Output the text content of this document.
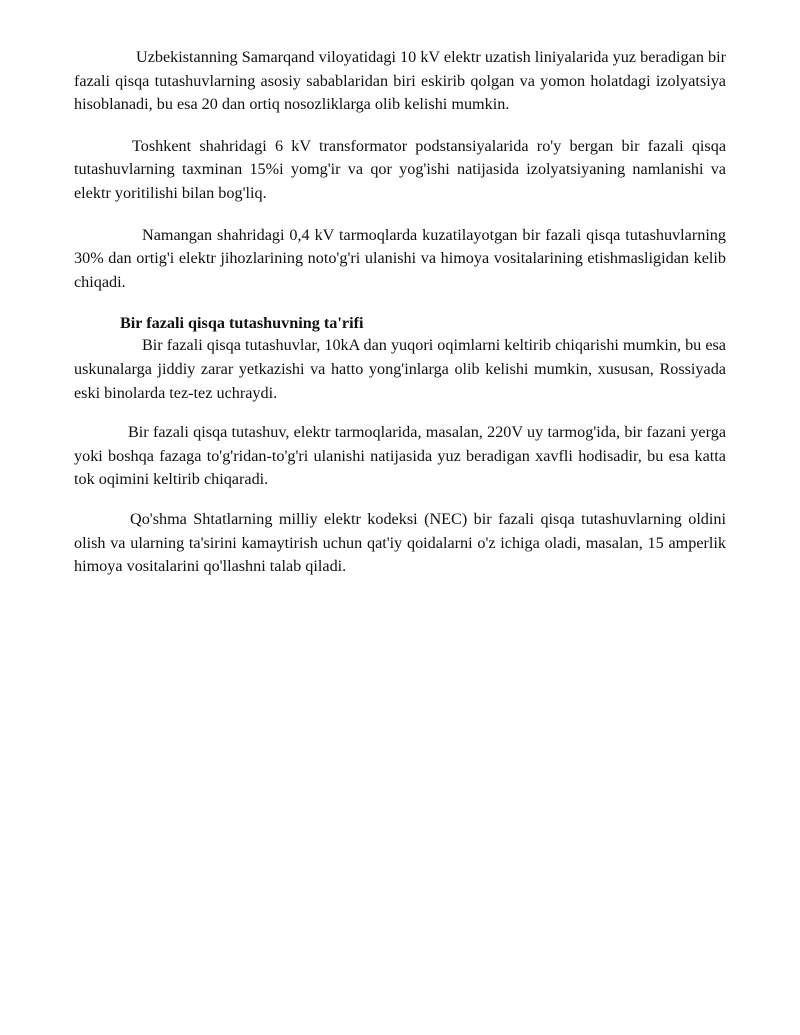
Uzbekistanning Samarqand viloyatidagi 10 kV elektr uzatish liniyalarida yuz beradigan bir fazali qisqa tutashuvlarning asosiy sabablaridan biri eskirib qolgan va yomon holatdagi izolyatsiya hisoblanadi, bu esa 20 dan ortiq nosozliklarga olib kelishi mumkin.

Toshkent shahridagi 6 kV transformator podstansiyalarida ro'y bergan bir fazali qisqa tutashuvlarning taxminan 15%i yomg'ir va qor yog'ishi natijasida izolyatsiyaning namlanishi va elektr yoritilishi bilan bog'liq.

Namangan shahridagi 0,4 kV tarmoqlarda kuzatilayotgan bir fazali qisqa tutashuvlarning 30% dan ortig'i elektr jihozlarining noto'g'ri ulanishi va himoya vositalarining etishmasligidan kelib chiqadi.

Bir fazali qisqa tutashuvning ta'rifi

Bir fazali qisqa tutashuvlar, 10kA dan yuqori oqimlarni keltirib chiqarishi mumkin, bu esa uskunalarga jiddiy zarar yetkazishi va hatto yong'inlarga olib kelishi mumkin, xususan, Rossiyada eski binolarda tez-tez uchraydi.

Bir fazali qisqa tutashuv, elektr tarmoqlarida, masalan, 220V uy tarmog'ida, bir fazani yerga yoki boshqa fazaga to'g'ridan-to'g'ri ulanishi natijasida yuz beradigan xavfli hodisadir, bu esa katta tok oqimini keltirib chiqaradi.

Qo'shma Shtatlarning milliy elektr kodeksi (NEC) bir fazali qisqa tutashuvlarning oldini olish va ularning ta'sirini kamaytirish uchun qat'iy qoidalarni o'z ichiga oladi, masalan, 15 amperlik himoya vositalarini qo'llashni talab qiladi.
